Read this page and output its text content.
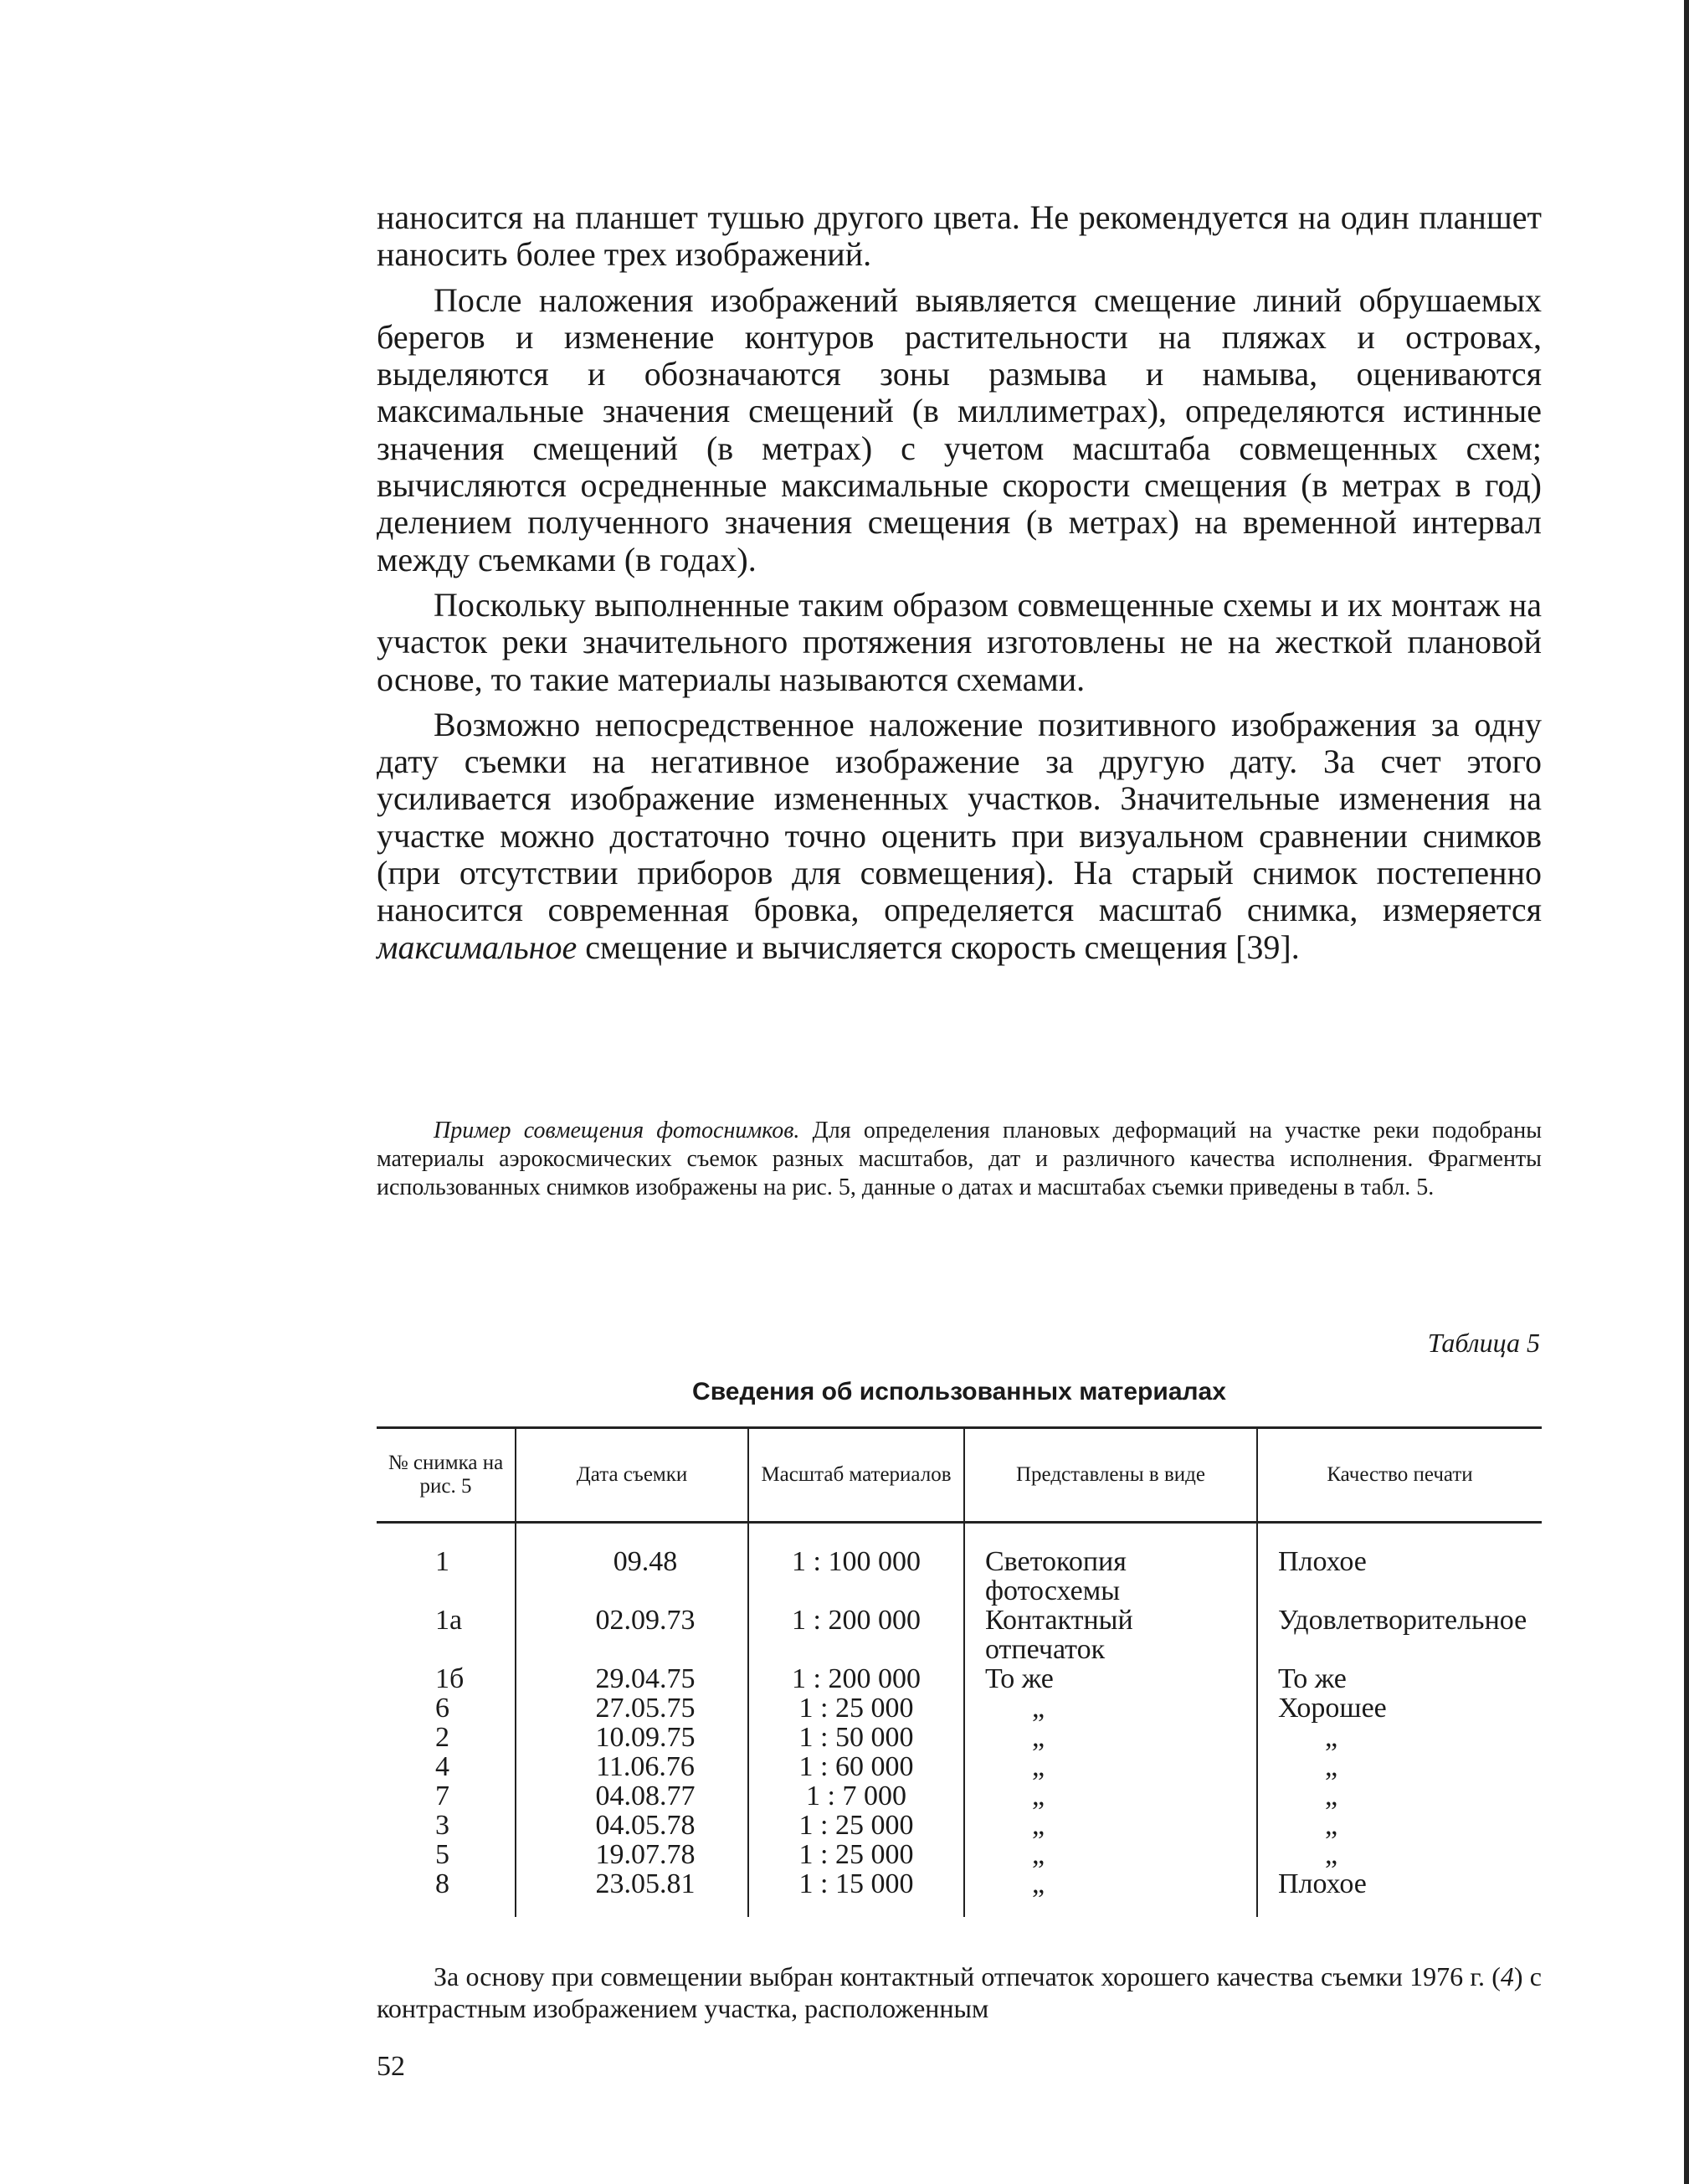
наносится на планшет тушью другого цвета. Не рекомендуется на один планшет наносить более трех изображений.

После наложения изображений выявляется смещение линий обрушаемых берегов и изменение контуров растительности на пляжах и островах, выделяются и обозначаются зоны размыва и намыва, оцениваются максимальные значения смещений (в миллиметрах), определяются истинные значения смещений (в метрах) с учетом масштаба совмещенных схем; вычисляются осредненные максимальные скорости смещения (в метрах в год) делением полученного значения смещения (в метрах) на временной интервал между съемками (в годах).

Поскольку выполненные таким образом совмещенные схемы и их монтаж на участок реки значительного протяжения изготовлены не на жесткой плановой основе, то такие материалы называются схемами.

Возможно непосредственное наложение позитивного изображения за одну дату съемки на негативное изображение за другую дату. За счет этого усиливается изображение измененных участков. Значительные изменения на участке можно достаточно точно оценить при визуальном сравнении снимков (при отсутствии приборов для совмещения). На старый снимок постепенно наносится современная бровка, определяется масштаб снимка, измеряется максимальное смещение и вычисляется скорость смещения [39].

Пример совмещения фотоснимков. Для определения плановых деформаций на участке реки подобраны материалы аэрокосмических съемок разных масштабов, дат и различного качества исполнения. Фрагменты использованных снимков изображены на рис. 5, данные о датах и масштабах съемки приведены в табл. 5.

Таблица 5
Сведения об использованных материалах
№ снимка на рис. 5	Дата съемки	Масштаб материалов	Представлены в виде	Качество печати
1	09.48	1 : 100 000	Светокопия фотосхемы	Плохое
1а	02.09.73	1 : 200 000	Контактный отпечаток	Удовлетворительное
1б	29.04.75	1 : 200 000	То же	То же
6	27.05.75	1 : 25 000	„	Хорошее
2	10.09.75	1 : 50 000	„	„
4	11.06.76	1 : 60 000	„	„
7	04.08.77	1 : 7 000	„	„
3	04.05.78	1 : 25 000	„	„
5	19.07.78	1 : 25 000	„	„
8	23.05.81	1 : 15 000	„	Плохое

За основу при совмещении выбран контактный отпечаток хорошего качества съемки 1976 г. (4) с контрастным изображением участка, расположенным

52
